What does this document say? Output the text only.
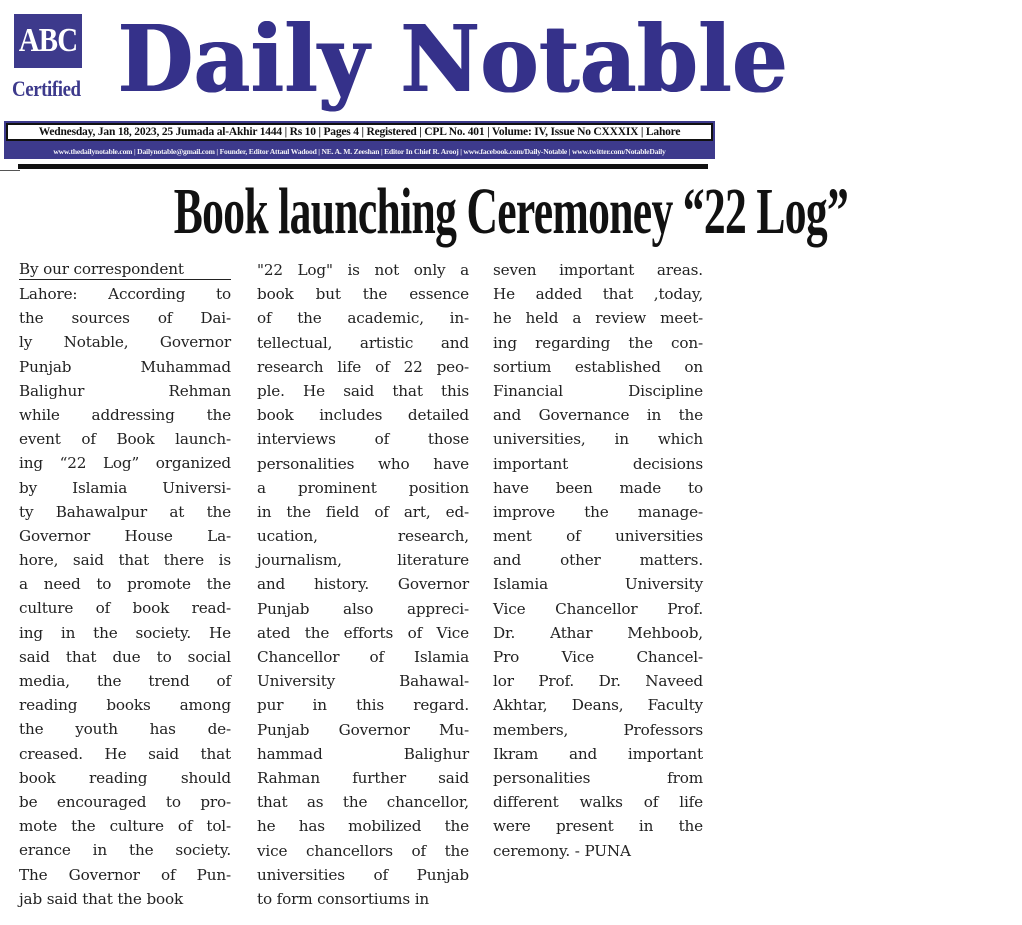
ABC
Certified Daily Notable
Wednesday, Jan 18, 2023, 25 Jumada al-Akhir 1444 | Rs 10 | Pages 4 | Registered | CPL No. 401 | Volume: IV, Issue No CXXXIX | Lahore
www.thedailynotable.com | Dailynotable@gmail.com | Founder, Editor Attaul Wadood | NE. A. M. Zeeshan | Editor In Chief R. Arooj | www.facebook.com/Daily-Notable | www.twitter.com/NotableDaily
Book launching Ceremoney “22 Log”
By our correspondent
Lahore: According to
the sources of Dai-
ly Notable, Governor
Punjab Muhammad
Balighur Rehman
while addressing the
event of Book launch-
ing “22 Log” organized
by Islamia Universi-
ty Bahawalpur at the
Governor House La-
hore, said that there is
a need to promote the
culture of book read-
ing in the society. He
said that due to social
media, the trend of
reading books among
the youth has de-
creased. He said that
book reading should
be encouraged to pro-
mote the culture of tol-
erance in the society.
The Governor of Pun-
jab said that the book
"22 Log" is not only a
book but the essence
of the academic, in-
tellectual, artistic and
research life of 22 peo-
ple. He said that this
book includes detailed
interviews of those
personalities who have
a prominent position
in the field of art, ed-
ucation, research,
journalism, literature
and history. Governor
Punjab also appreci-
ated the efforts of Vice
Chancellor of Islamia
University Bahawal-
pur in this regard.
Punjab Governor Mu-
hammad Balighur
Rahman further said
that as the chancellor,
he has mobilized the
vice chancellors of the
universities of Punjab
to form consortiums in
seven important areas.
He added that ,today,
he held a review meet-
ing regarding the con-
sortium established on
Financial Discipline
and Governance in the
universities, in which
important decisions
have been made to
improve the manage-
ment of universities
and other matters.
Islamia University
Vice Chancellor Prof.
Dr. Athar Mehboob,
Pro Vice Chancel-
lor Prof. Dr. Naveed
Akhtar, Deans, Faculty
members, Professors
Ikram and important
personalities from
different walks of life
were present in the
ceremony. - PUNA
